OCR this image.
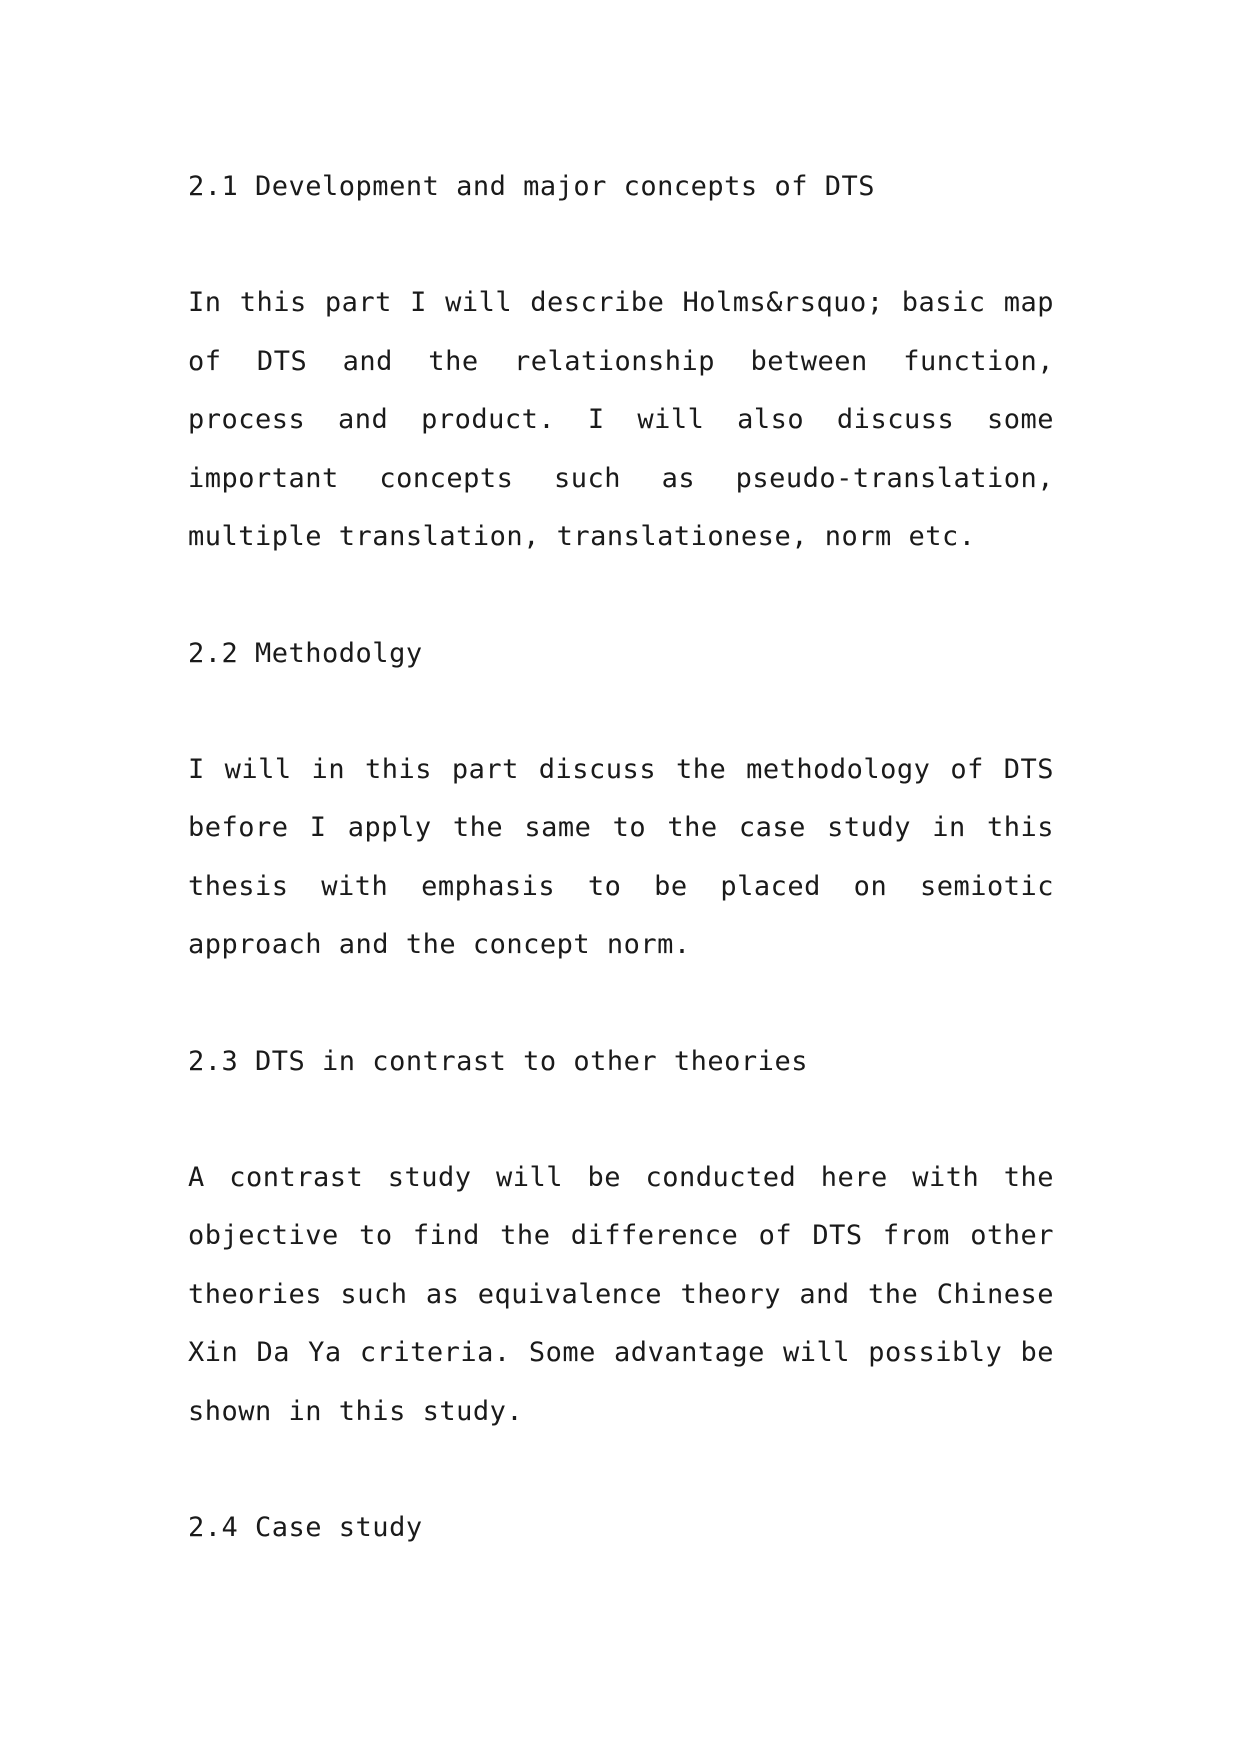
2.1 Development and major concepts of DTS

In this part I will describe Holms&rsquo; basic map of DTS and the relationship between function, process and product. I will also discuss some important concepts such as pseudo-translation, multiple translation, translationese, norm etc.

2.2 Methodolgy

I will in this part discuss the methodology of DTS before I apply the same to the case study in this thesis with emphasis to be placed on semiotic approach and the concept norm.

2.3 DTS in contrast to other theories

A contrast study will be conducted here with the objective to find the difference of DTS from other theories such as equivalence theory and the Chinese Xin Da Ya criteria. Some advantage will possibly be shown in this study.

2.4 Case study
